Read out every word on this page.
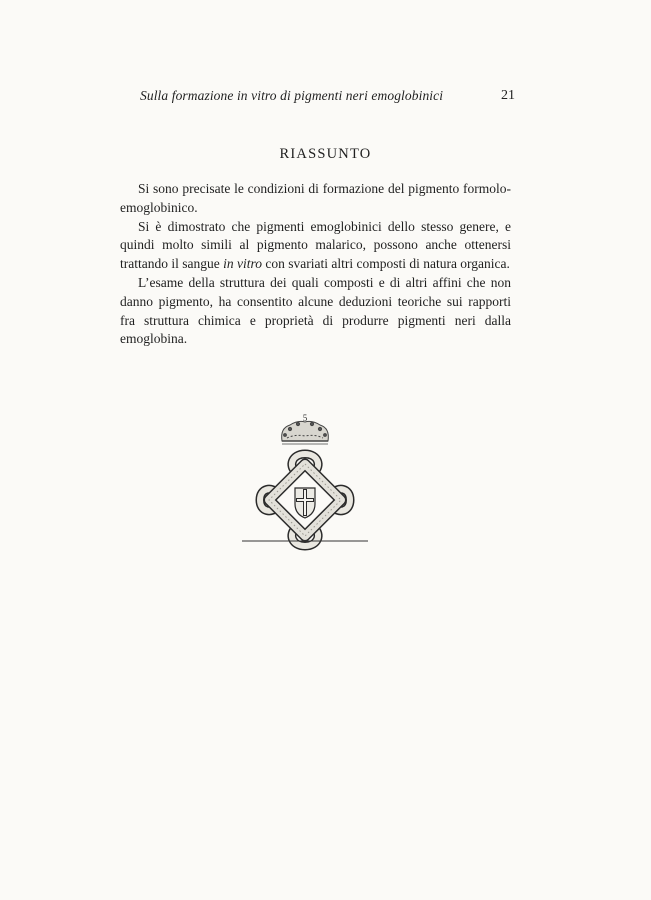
Sulla formazione in vitro di pigmenti neri emoglobinici	21
RIASSUNTO

Si sono precisate le condizioni di formazione del pigmento formolo-emoglobinico.

Si è dimostrato che pigmenti emoglobinici dello stesso genere, e quindi molto simili al pigmento malarico, possono anche ottenersi trattando il sangue in vitro con svariati altri composti di natura organica.

L’esame della struttura dei quali composti e di altri affini che non danno pigmento, ha consentito alcune deduzioni teoriche sui rapporti fra struttura chimica e proprietà di produrre pigmenti neri dalla emoglobina.

5
